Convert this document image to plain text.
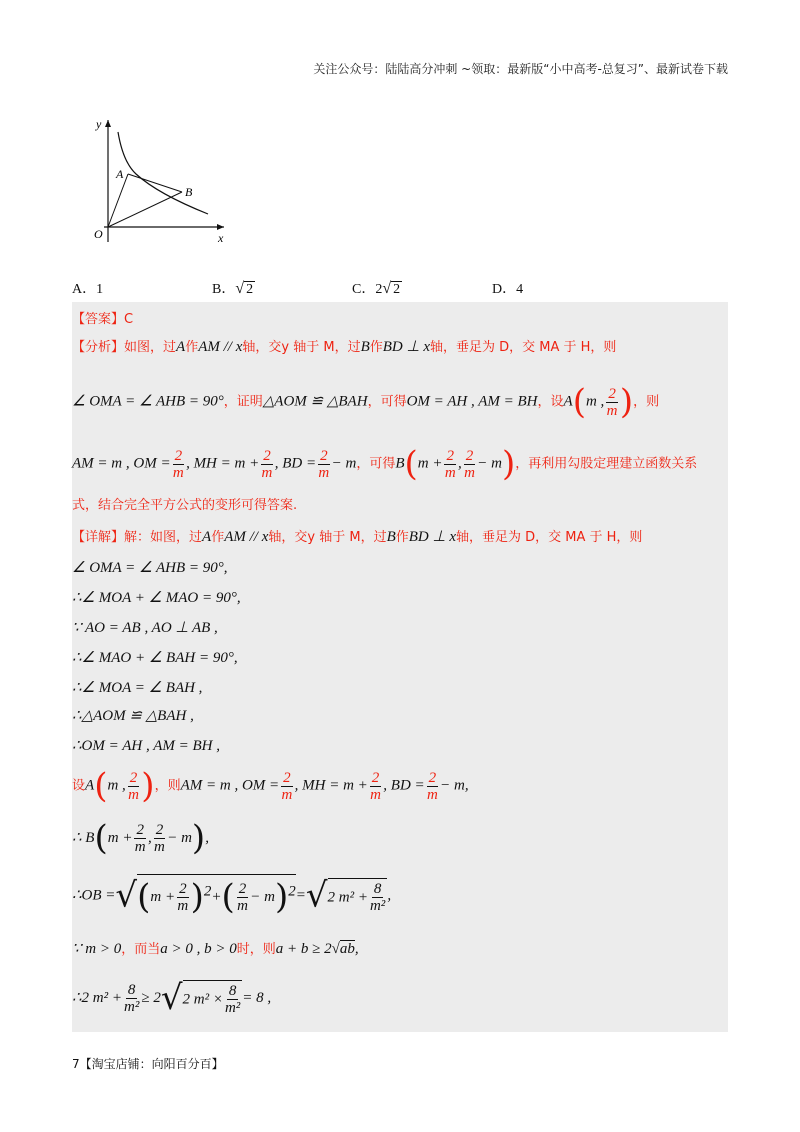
关注公众号：陆陆高分冲刺 ~领取：最新版“小中高考-总复习”、最新试卷下载
y
x
O
A
B
A．1	B．√ 2	C．2√ 2	D．4
【答案】C
【分析】如图，过A作AM // x轴，交y 轴于 M，过B作BD ⊥ x轴，垂足为 D，交 MA 于 H，则
∠ OMA = ∠ AHB = 90°，证明△AOM ≌ △BAH，可得OM = AH , AM = BH，设A(m , $\frac{2}{m}$ )，则
AM = m , OM = $\frac{2}{m}$ , MH = $m + \frac{2}{m}$ , BD = $\frac{2}{m} - m$，可得$B(m + \frac{2}{m}$ , $\frac{2}{m} - m$)，再利用勾股定理建立函数关系
式，结合完全平方公式的变形可得答案.
【详解】解：如图，过A作AM // x轴，交y 轴于 M，过B作BD ⊥ x轴，垂足为 D，交 MA 于 H，则
∠ OMA = ∠ AHB = 90°,
∴∠ MOA + ∠ MAO = 90°,
∵ AO = AB , AO ⊥ AB ,
∴∠ MAO + ∠ BAH = 90°,
∴∠ MOA = ∠ BAH ,
∴△AOM ≌ △BAH ,
∴OM = AH , AM = BH ,
设A(m , $\frac{2}{m}$ )，则AM = m , OM = $\frac{2}{m}$ , MH = $m + \frac{2}{m}$ , BD = $\frac{2}{m} - m$,
∴ $B(m + \frac{2}{m}$ , $\frac{2}{m} - m$),
∴OB $=√(m + \frac{2}{m} )^2+( \frac{2}{m} - m)^2=√2$ $m^2 + \frac{8}{\text{m²}}$ ,
∵ m > 0，而当a > 0 , b > 0时，则a + b ≥ 2√ab,
∴2 $m^2 + \frac{8}{\text{m²}} \ge 2√2$ $m^2 \times \frac{8}{\text{m²}} = 8$ ,
7【淘宝店铺：向阳百分百】
